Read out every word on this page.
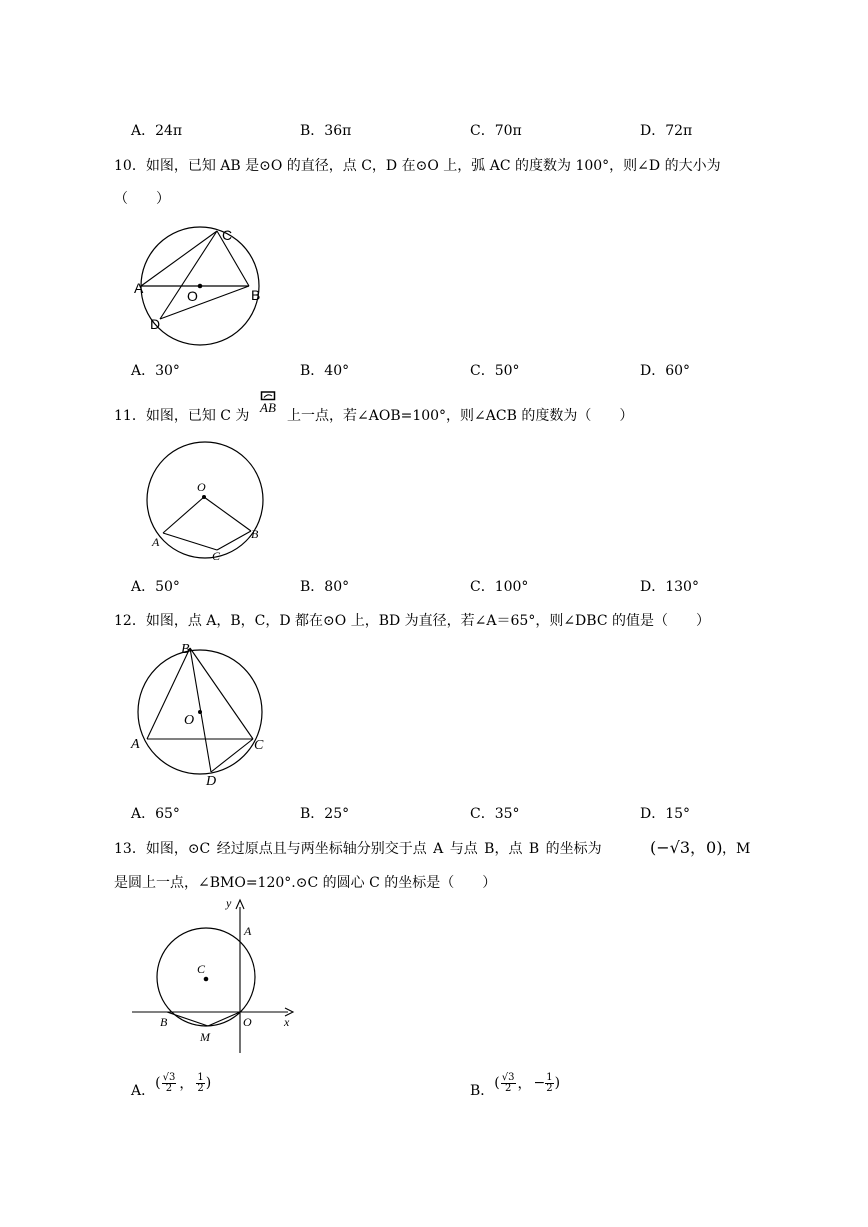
A．24π	B．36π	C．70π	D．72π
10．如图，已知 AB 是⊙O 的直径，点 C，D 在⊙O 上，弧 AC 的度数为 100°，则∠D 的大小为
（　　）
A	B
C
D
O
A．30°	B．40°	C．50°	D．60°
11．如图，已知 C 为
AB
上一点，若∠AOB=100°，则∠ACB 的度数为（　　）
O
A
B
C
A．50°	B．80°	C．100°	D．130°
12．如图，点 A，B，C，D 都在⊙O 上，BD 为直径，若∠A＝65°，则∠DBC 的值是（　　）
B
O
A	C
D
A．65°	B．25°	C．35°	D．15°
13．如图，⊙C 经过原点且与两坐标轴分别交于点 A 与点 B，点 B 的坐标为	(−√3，0) ，M
是圆上一点，∠BMO=120°.⊙C 的圆心 C 的坐标是（　　）
y
A
C
B	O	x
M
A． ( $\frac{√3}{2}$ ， $\frac{1}{2}$ )	B． ( $\frac{√3}{2}$ ， − $\frac{1}{2}$ )
